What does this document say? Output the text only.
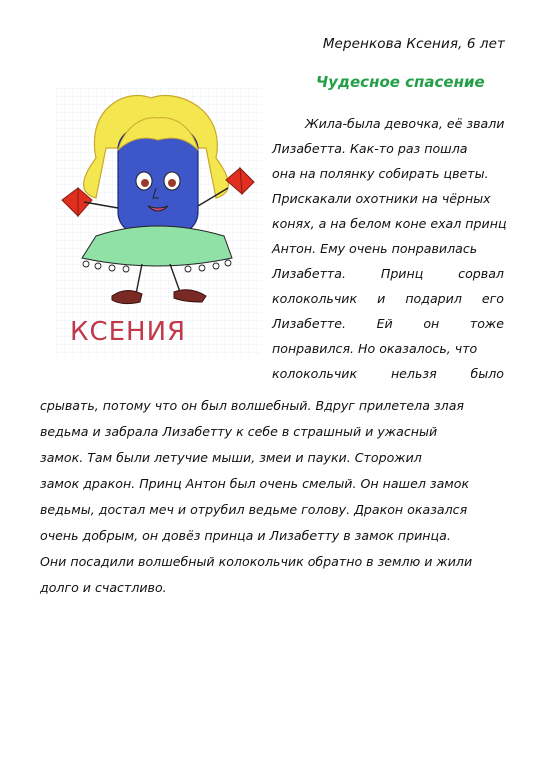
Меренкова Ксения, 6 лет
Чудесное спасение
КСЕНИЯ
Жила-была девочка, её звали
Лизабетта. Как-то раз пошла
она на полянку собирать цветы.
Прискакали охотники на чёрных
конях, а на белом коне ехал принц
Антон. Ему очень понравилась
Лизабетта.	Принц	сорвал
колокольчик и подарил его
Лизабетте. Ей он тоже
понравился. Но оказалось, что
колокольчик	нельзя	было
срывать, потому что он был волшебный. Вдруг прилетела злая
ведьма и забрала Лизабетту к себе в страшный и ужасный
замок. Там были летучие мыши, змеи и пауки. Сторожил
замок дракон. Принц Антон был очень смелый. Он нашел замок
ведьмы, достал меч и отрубил ведьме голову. Дракон оказался
очень добрым, он довёз принца и Лизабетту в замок принца.
Они посадили волшебный колокольчик обратно в землю и жили
долго и счастливо.
